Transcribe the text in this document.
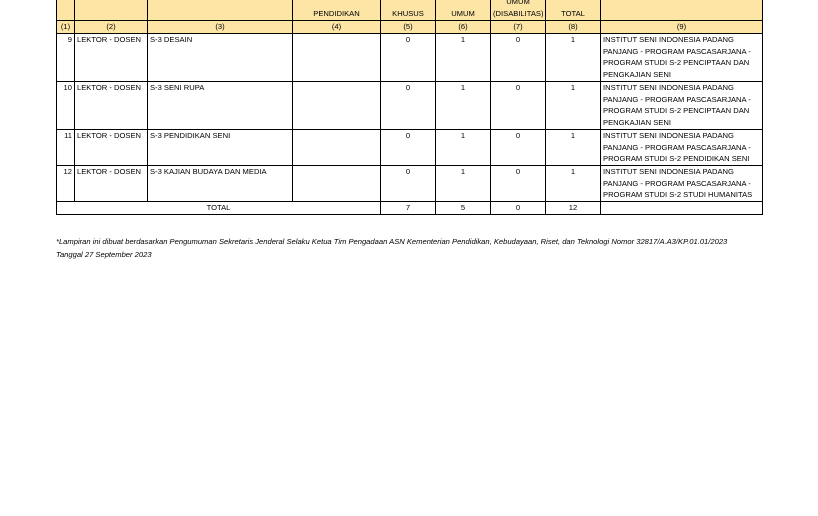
			PENDIDIKAN	KHUSUS	UMUM	UMUM (DISABILITAS)	TOTAL	
(1)	(2)	(3)	(4)	(5)	(6)	(7)	(8)	(9)
9	LEKTOR - DOSEN	S-3 DESAIN		0	1	0	1	INSTITUT SENI INDONESIA PADANG PANJANG - PROGRAM PASCASARJANA - PROGRAM STUDI S-2 PENCIPTAAN DAN PENGKAJIAN SENI
10	LEKTOR - DOSEN	S-3 SENI RUPA		0	1	0	1	INSTITUT SENI INDONESIA PADANG PANJANG - PROGRAM PASCASARJANA - PROGRAM STUDI S-2 PENCIPTAAN DAN PENGKAJIAN SENI
11	LEKTOR - DOSEN	S-3 PENDIDIKAN SENI		0	1	0	1	INSTITUT SENI INDONESIA PADANG PANJANG - PROGRAM PASCASARJANA - PROGRAM STUDI S-2 PENDIDIKAN SENI
12	LEKTOR - DOSEN	S-3 KAJIAN BUDAYA DAN MEDIA		0	1	0	1	INSTITUT SENI INDONESIA PADANG PANJANG - PROGRAM PASCASARJANA - PROGRAM STUDI S-2 STUDI HUMANITAS
TOTAL				7	5	0	12	
*Lampiran ini dibuat berdasarkan Pengumuman Sekretaris Jenderal Selaku Ketua Tim Pengadaan ASN Kementerian Pendidikan, Kebudayaan, Riset, dan Teknologi Nomor 32817/A.A3/KP.01.01/2023 Tanggal 27 September 2023
